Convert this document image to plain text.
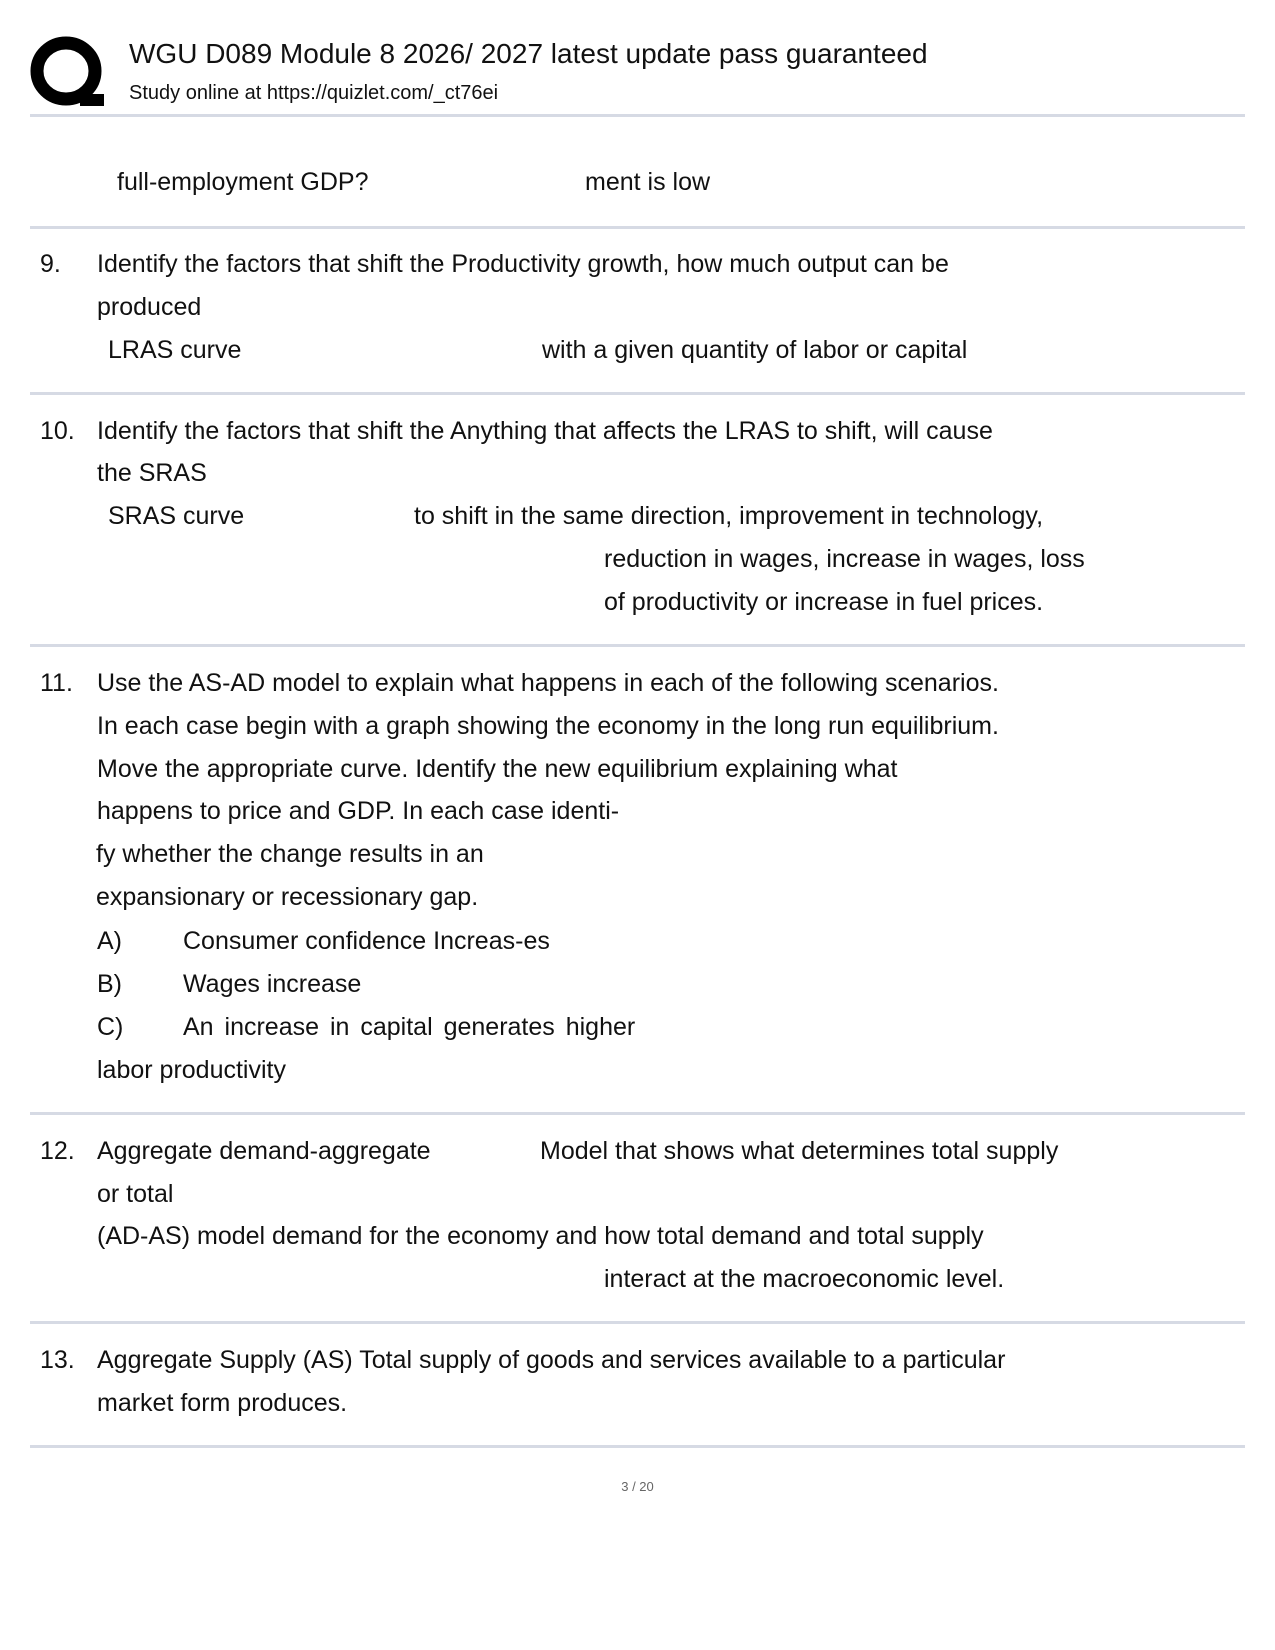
WGU D089 Module 8 2026/ 2027 latest update pass guaranteed
Study online at https://quizlet.com/_ct76ei
full-employment GDP?	ment is low
9. Identify the factors that shift the Productivity growth, how much output can be
produced
LRAS curve	with a given quantity of labor or capital
10. Identify the factors that shift the Anything that affects the LRAS to shift, will cause
the SRAS
SRAS curve	to shift in the same direction, improvement in technology,
reduction in wages, increase in wages, loss
of productivity or increase in fuel prices.
11. Use the AS-AD model to explain what happens in each of the following scenarios.
In each case begin with a graph showing the economy in the long run equilibrium.
Move the appropriate curve. Identify the new equilibrium explaining what
happens to price and GDP. In each case identi-
fy whether the change results in an
expansionary or recessionary gap.
A) Consumer confidence Increas-es
B) Wages increase
C) An increase in capital generates higher
labor productivity
12. Aggregate demand-aggregate	Model that shows what determines total supply
or total
(AD-AS) model demand for the economy and how total demand and total supply
interact at the macroeconomic level.
13. Aggregate Supply (AS) Total supply of goods and services available to a particular
market form produces.
3 / 20
